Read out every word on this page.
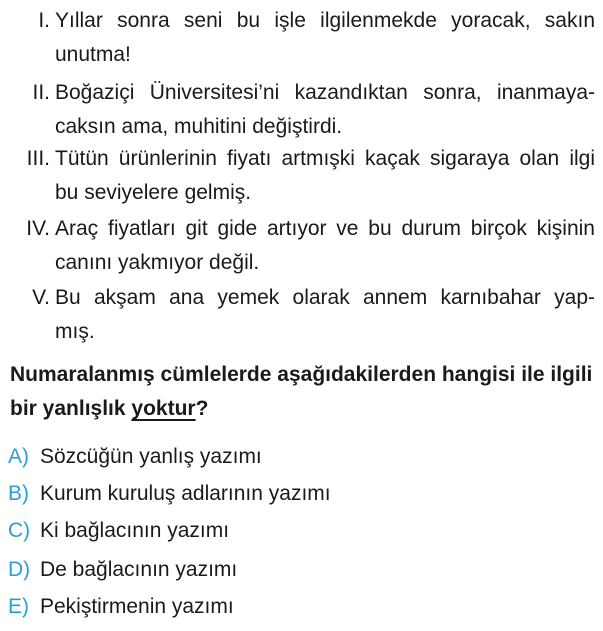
I. Yıllar sonra seni bu işle ilgilenmekde yoracak, sakın
unutma!
II. Boğaziçi Üniversitesi’ni kazandıktan sonra, inanmaya-
caksın ama, muhitini değiştirdi.
III. Tütün ürünlerinin fiyatı artmışki kaçak sigaraya olan ilgi
bu seviyelere gelmiş.
IV. Araç fiyatları git gide artıyor ve bu durum birçok kişinin
canını yakmıyor değil.
V. Bu akşam ana yemek olarak annem karnıbahar yap-
mış.
Numaralanmış cümlelerde aşağıdakilerden hangisi ile ilgili bir yanlışlık yoktur?
A) Sözcüğün yanlış yazımı
B) Kurum kuruluş adlarının yazımı
C) Ki bağlacının yazımı
D) De bağlacının yazımı
E) Pekiştirmenin yazımı
